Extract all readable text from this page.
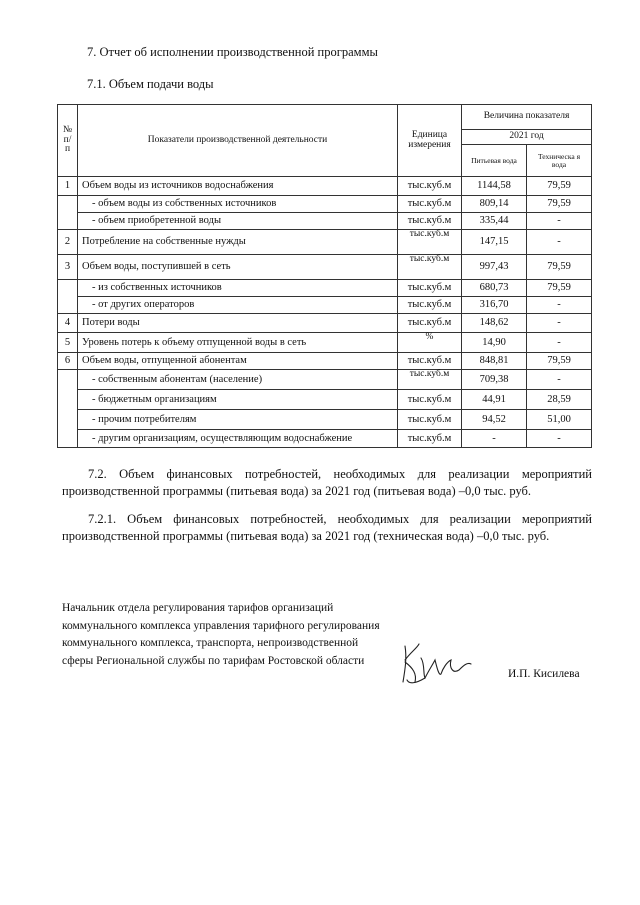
7. Отчет об исполнении производственной программы
7.1. Объем подачи воды
№ п/ п	Показатели производственной деятельности	Единица измерения	Величина показателя	
			2021 год	
			Питьевая вода	Техническа я вода
1	Объем воды из источников водоснабжения	тыс.куб.м	1144,58	79,59
	- объем воды из собственных источников	тыс.куб.м	809,14	79,59
	- объем приобретенной воды	тыс.куб.м	335,44	-
2	Потребление на собственные нужды	тыс.куб.м	147,15	-
3	Объем воды, поступившей в сеть	тыс.куб.м	997,43	79,59
	- из собственных источников	тыс.куб.м	680,73	79,59
	- от других операторов	тыс.куб.м	316,70	-
4	Потери воды	тыс.куб.м	148,62	-
5	Уровень потерь к объему отпущенной воды в сеть	%	14,90	-
6	Объем воды, отпущенной абонентам	тыс.куб.м	848,81	79,59
	- собственным абонентам (население)	тыс.куб.м	709,38	-
	- бюджетным организациям	тыс.куб.м	44,91	28,59
	- прочим потребителям	тыс.куб.м	94,52	51,00
	- другим организациям, осуществляющим водоснабжение	тыс.куб.м	-	-

7.2. Объем финансовых потребностей, необходимых для реализации мероприятий производственной программы (питьевая вода) за 2021 год (питьевая вода) –0,0 тыс. руб.

7.2.1. Объем финансовых потребностей, необходимых для реализации мероприятий производственной программы (питьевая вода) за 2021 год (техническая вода) –0,0 тыс. руб.

Начальник отдела регулирования тарифов организаций коммунального комплекса управления тарифного регулирования коммунального комплекса, транспорта, непроизводственной сферы Региональной службы по тарифам Ростовской области

И.П. Кисилева
